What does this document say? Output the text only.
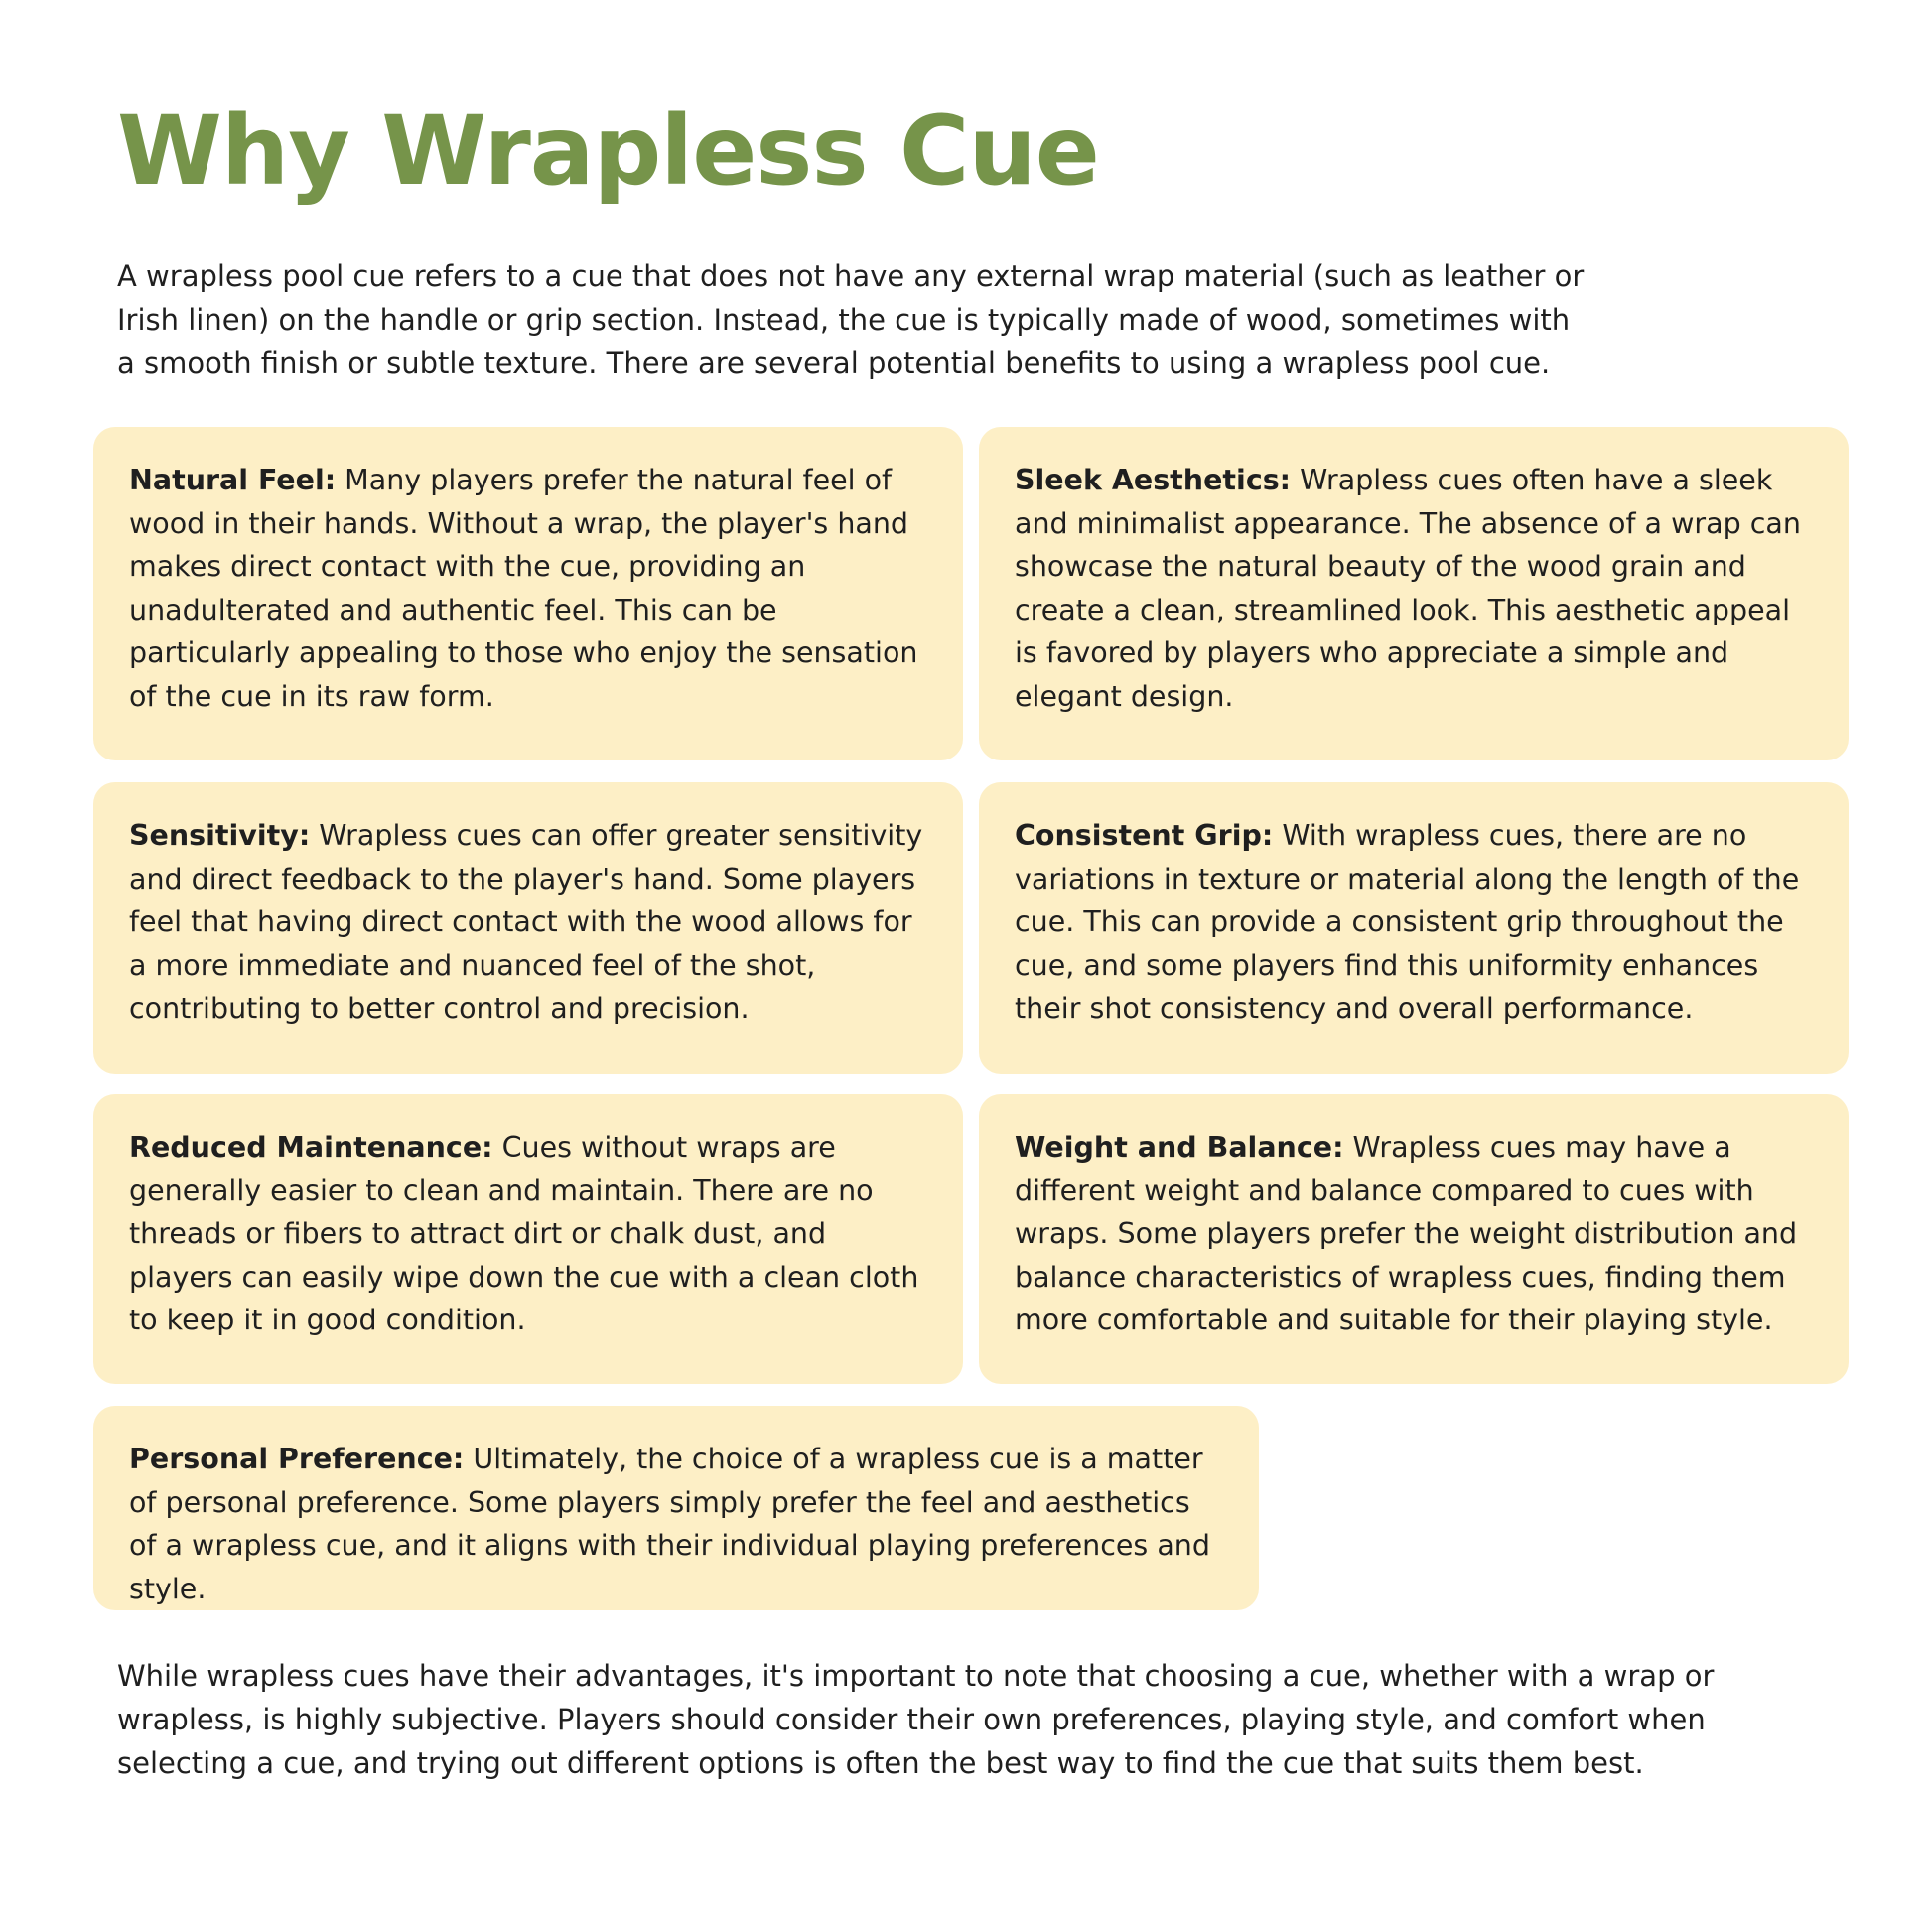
Why Wrapless Cue

A wrapless pool cue refers to a cue that does not have any external wrap material (such as leather or Irish linen) on the handle or grip section. Instead, the cue is typically made of wood, sometimes with a smooth finish or subtle texture. There are several potential benefits to using a wrapless pool cue.

Natural Feel: Many players prefer the natural feel of wood in their hands. Without a wrap, the player's hand makes direct contact with the cue, providing an unadulterated and authentic feel. This can be particularly appealing to those who enjoy the sensation of the cue in its raw form.
Sleek Aesthetics: Wrapless cues often have a sleek and minimalist appearance. The absence of a wrap can showcase the natural beauty of the wood grain and create a clean, streamlined look. This aesthetic appeal is favored by players who appreciate a simple and elegant design.
Sensitivity: Wrapless cues can offer greater sensitivity and direct feedback to the player's hand. Some players feel that having direct contact with the wood allows for a more immediate and nuanced feel of the shot, contributing to better control and precision.
Consistent Grip: With wrapless cues, there are no variations in texture or material along the length of the cue. This can provide a consistent grip throughout the cue, and some players find this uniformity enhances their shot consistency and overall performance.
Reduced Maintenance: Cues without wraps are generally easier to clean and maintain. There are no threads or fibers to attract dirt or chalk dust, and players can easily wipe down the cue with a clean cloth to keep it in good condition.
Weight and Balance: Wrapless cues may have a different weight and balance compared to cues with wraps. Some players prefer the weight distribution and balance characteristics of wrapless cues, finding them more comfortable and suitable for their playing style.
Personal Preference: Ultimately, the choice of a wrapless cue is a matter of personal preference. Some players simply prefer the feel and aesthetics of a wrapless cue, and it aligns with their individual playing preferences and style.

While wrapless cues have their advantages, it's important to note that choosing a cue, whether with a wrap or wrapless, is highly subjective. Players should consider their own preferences, playing style, and comfort when selecting a cue, and trying out different options is often the best way to find the cue that suits them best.
